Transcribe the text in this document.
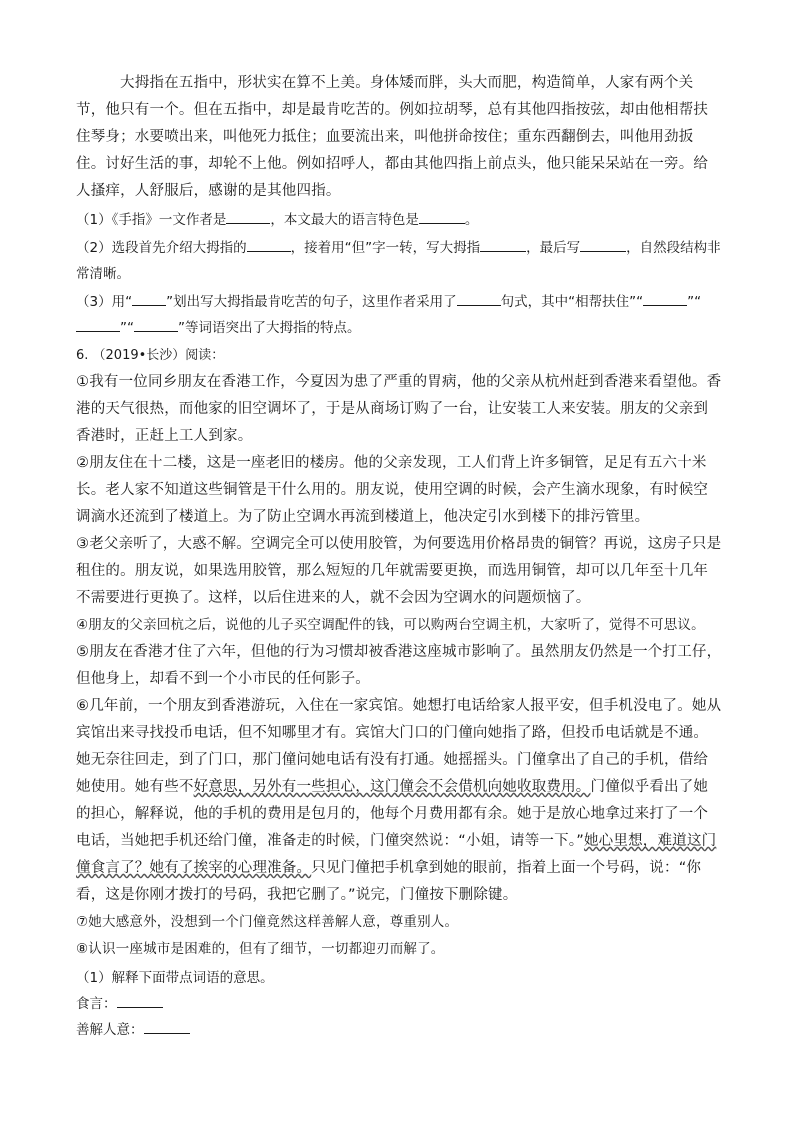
大拇指在五指中，形状实在算不上美。身体矮而胖，头大而肥，构造简单，人家有两个关节，他只有一个。但在五指中，却是最肯吃苦的。例如拉胡琴，总有其他四指按弦，却由他相帮扶住琴身；水要喷出来，叫他死力抵住；血要流出来，叫他拼命按住；重东西翻倒去，叫他用劲扳住。讨好生活的事，却轮不上他。例如招呼人，都由其他四指上前点头，他只能呆呆站在一旁。给人搔痒，人舒服后，感谢的是其他四指。

（1）《手指》一文作者是	，本文最大的语言特色是	。

（2）选段首先介绍大拇指的	，接着用“但”字一转，写大拇指	，最后写	，自然段结构非常清晰。

（3）用“	”划出写大拇指最肯吃苦的句子，这里作者采用了	句式，其中“相帮扶住”“	”“”“	”等词语突出了大拇指的特点。

6. （2019•长沙）阅读：

①我有一位同乡朋友在香港工作，今夏因为患了严重的胃病，他的父亲从杭州赶到香港来看望他。香港的天气很热，而他家的旧空调坏了，于是从商场订购了一台，让安装工人来安装。朋友的父亲到香港时，正赶上工人到家。

②朋友住在十二楼，这是一座老旧的楼房。他的父亲发现，工人们背上许多铜管，足足有五六十米长。老人家不知道这些铜管是干什么用的。朋友说，使用空调的时候，会产生滴水现象，有时候空调滴水还流到了楼道上。为了防止空调水再流到楼道上，他决定引水到楼下的排污管里。

③老父亲听了，大惑不解。空调完全可以使用胶管，为何要选用价格昂贵的铜管？再说，这房子只是租住的。朋友说，如果选用胶管，那么短短的几年就需要更换，而选用铜管，却可以几年至十几年不需要进行更换了。这样，以后住进来的人，就不会因为空调水的问题烦恼了。

④朋友的父亲回杭之后，说他的儿子买空调配件的钱，可以购两台空调主机，大家听了，觉得不可思议。

⑤朋友在香港才住了六年，但他的行为习惯却被香港这座城市影响了。虽然朋友仍然是一个打工仔，但他身上，却看不到一个小市民的任何影子。

⑥几年前，一个朋友到香港游玩，入住在一家宾馆。她想打电话给家人报平安，但手机没电了。她从宾馆出来寻找投币电话，但不知哪里才有。宾馆大门口的门僮向她指了路，但投币电话就是不通。她无奈往回走，到了门口，那门僮问她电话有没有打通。她摇摇头。门僮拿出了自己的手机，借给她使用。她有些不好意思，另外有一些担心，这门僮会不会借机向她收取费用。门僮似乎看出了她的担心，解释说，他的手机的费用是包月的，他每个月费用都有余。她于是放心地拿过来打了一个电话，当她把手机还给门僮，准备走的时候，门僮突然说：“小姐，请等一下。”她心里想，难道这门僮食言了？她有了挨宰的心理准备。只见门僮把手机拿到她的眼前，指着上面一个号码，说：“你看，这是你刚才拨打的号码，我把它删了。”说完，门僮按下删除键。

⑦她大感意外，没想到一个门僮竟然这样善解人意，尊重别人。

⑧认识一座城市是困难的，但有了细节，一切都迎刃而解了。

（1）解释下面带点词语的意思。

食言：

善解人意：
